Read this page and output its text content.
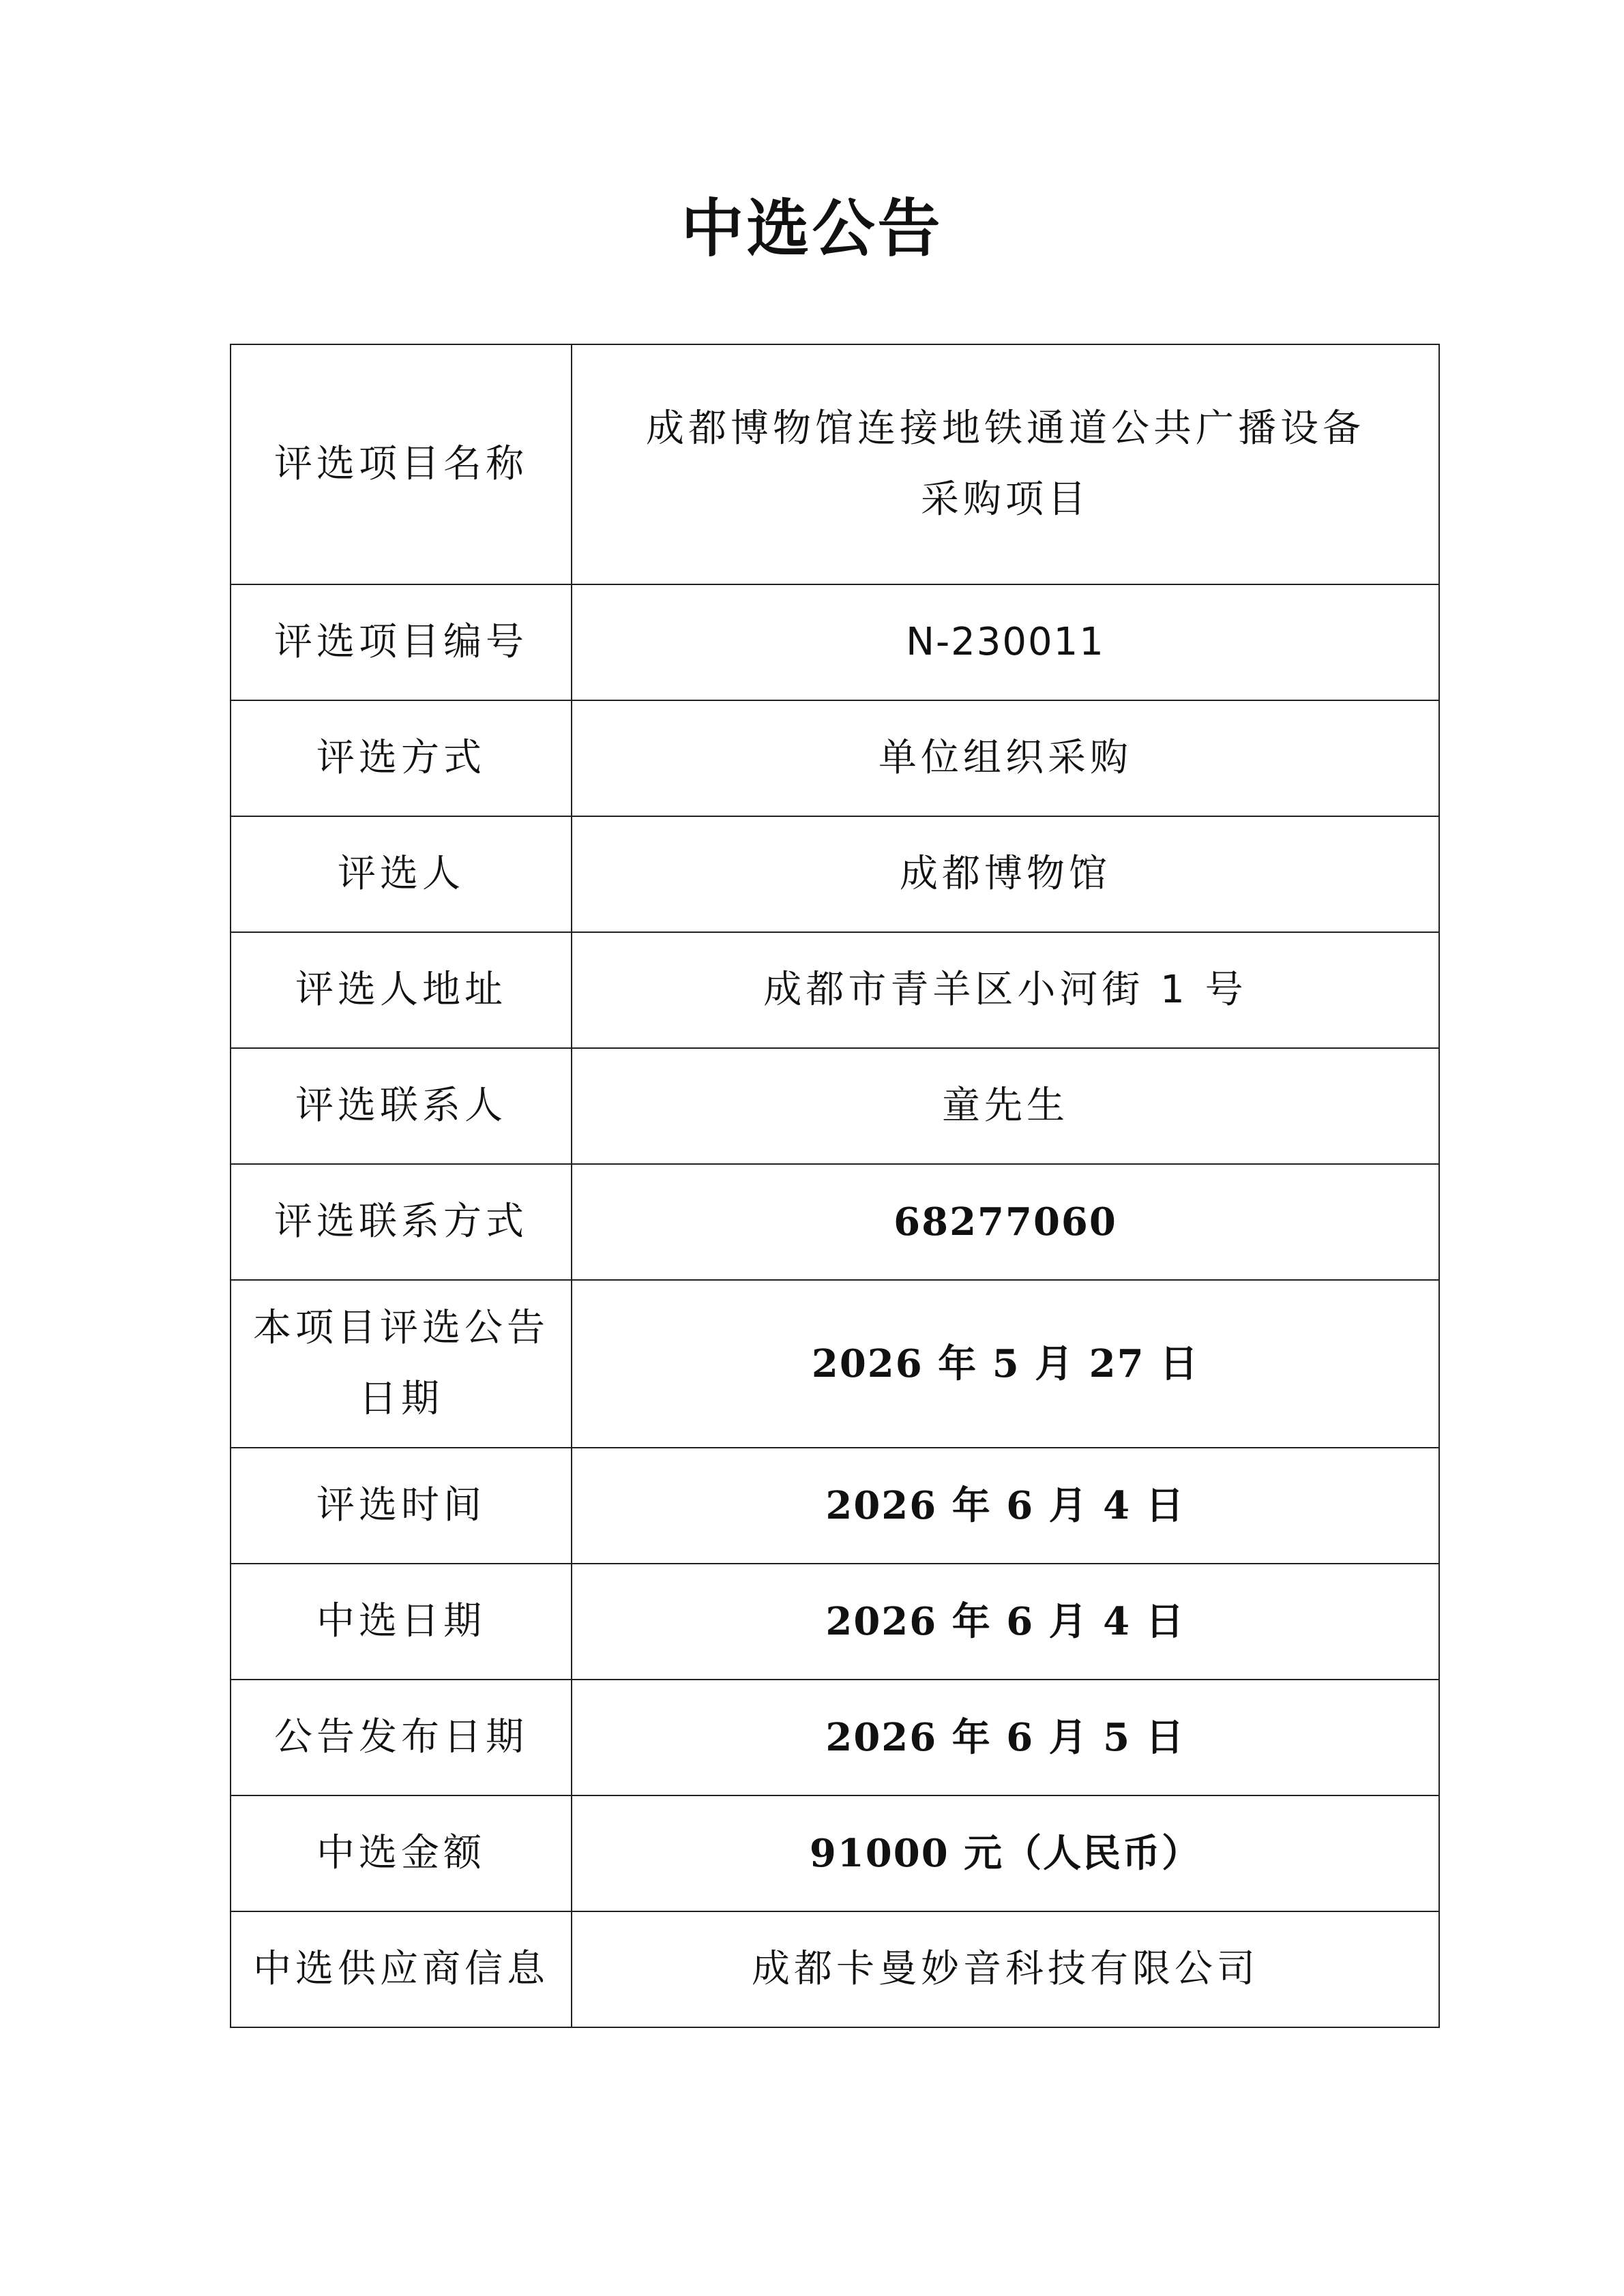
中选公告
评选项目名称	成都博物馆连接地铁通道公共广播设备采购项目
评选项目编号	N-230011
评选方式	单位组织采购
评选人	成都博物馆
评选人地址	成都市青羊区小河街 1 号
评选联系人	童先生
评选联系方式	68277060
本项目评选公告日期	2026 年 5 月 27 日
评选时间	2026 年 6 月 4 日
中选日期	2026 年 6 月 4 日
公告发布日期	2026 年 6 月 5 日
中选金额	91000 元（人民币）
中选供应商信息	成都卡曼妙音科技有限公司
